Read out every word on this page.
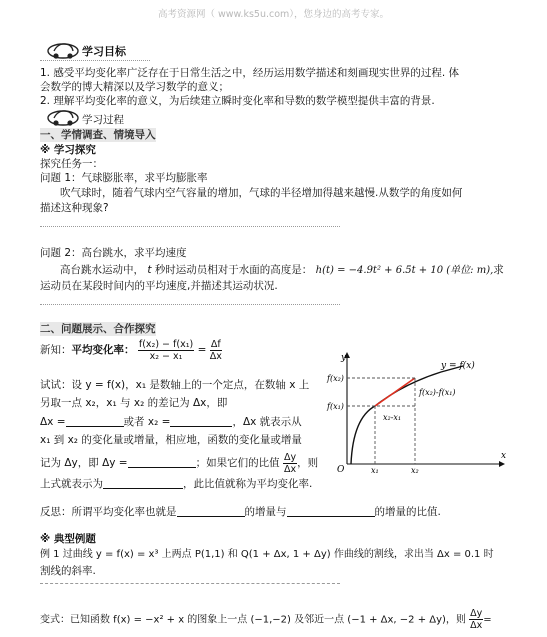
高考资源网（ www.ks5u.com），您身边的高考专家。
学习目标
1. 感受平均变化率广泛存在于日常生活之中，经历运用数学描述和刻画现实世界的过程. 体
会数学的博大精深以及学习数学的意义；
2. 理解平均变化率的意义，为后续建立瞬时变化率和导数的数学模型提供丰富的背景.
学习过程
一、学情调查、情境导入
※ 学习探究
探究任务一：
问题 1：气球膨胀率，求平均膨胀率
吹气球时，随着气球内空气容量的增加，气球的半径增加得越来越慢.从数学的角度如何
描述这种现象?
问题 2：高台跳水，求平均速度
高台跳水运动中， t 秒时运动员相对于水面的高度是： h(t) = −4.9t² + 6.5t + 10 (单位: m),求
运动员在某段时间内的平均速度,并描述其运动状况.
二、问题展示、合作探究
新知：平均变化率： $\frac{\text{f(x₂) − f(x₁)}}{\text{x₂ − x₁}} = \frac{\Delta f}{\Delta x}$
试试：设 y = f(x)，x₁ 是数轴上的一个定点，在数轴 x 上
另取一点 x₂，x₁ 与 x₂ 的差记为 Δx，即
Δx =	或者 x₂ =	，Δx 就表示从
x₁ 到 x₂ 的变化量或增量，相应地，函数的变化量或增量
记为 Δy，即 Δy =	；如果它们的比值 $\frac{\Delta y}{\Delta x}$ ，则
上式就表示为	，此比值就称为平均变化率.
反思：所谓平均变化率也就是	的增量与	的增量的比值.
※ 典型例题
例 1 过曲线 y = f(x) = x³ 上两点 P(1,1) 和 Q(1 + Δx, 1 + Δy) 作曲线的割线，求出当 Δx = 0.1 时
割线的斜率.
变式：已知函数 f(x) = −x² + x 的图象上一点 (−1,−2) 及邻近一点 (−1 + Δx, −2 + Δy)，则 $\frac{\Delta y}{\Delta x}$ =
y
x
y = f(x)
f(x₂)
f(x₁)
f(x₂)-f(x₁)
x₂-x₁
O	x₁	x₂
